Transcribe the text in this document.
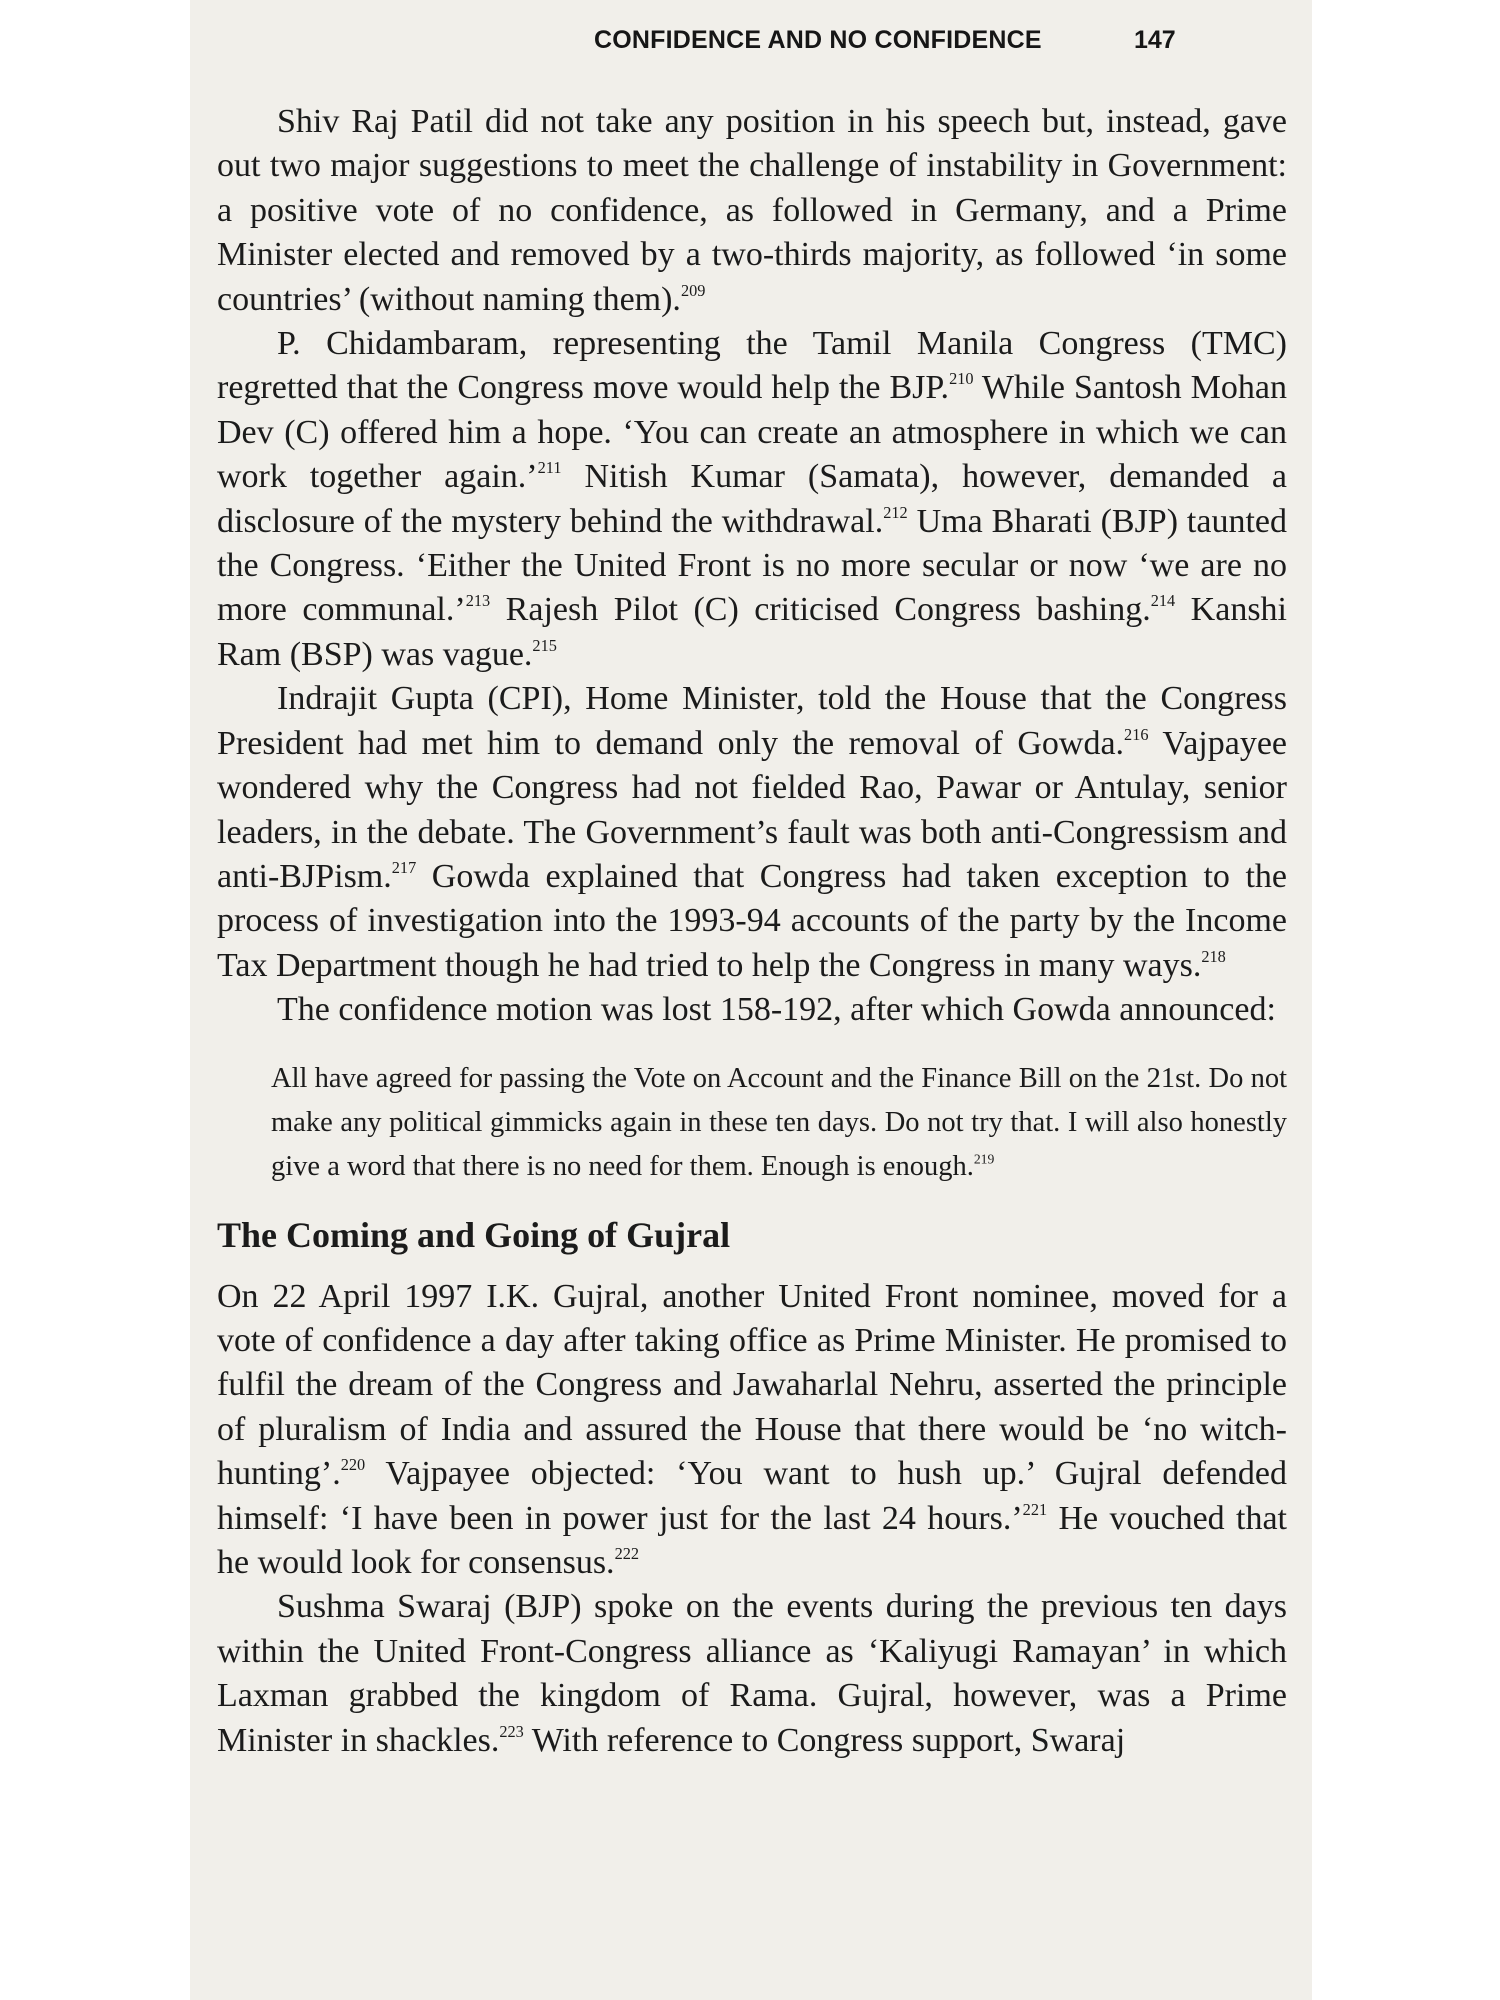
CONFIDENCE AND NO CONFIDENCE	147

Shiv Raj Patil did not take any position in his speech but, instead, gave out two major suggestions to meet the challenge of instability in Government: a positive vote of no confidence, as followed in Germany, and a Prime Minister elected and removed by a two-thirds majority, as followed ‘in some countries’ (without naming them).$^{209}$

P. Chidambaram, representing the Tamil Manila Congress (TMC) regretted that the Congress move would help the BJP.$^{210}$ While Santosh Mohan Dev (C) offered him a hope. ‘You can create an atmosphere in which we can work together again.’$^{211}$ Nitish Kumar (Samata), however, demanded a disclosure of the mystery behind the withdrawal.$^{212}$ Uma Bharati (BJP) taunted the Congress. ‘Either the United Front is no more secular or now ‘we are no more communal.’$^{213}$ Rajesh Pilot (C) criticised Congress bashing.$^{214}$ Kanshi Ram (BSP) was vague.$^{215}$

Indrajit Gupta (CPI), Home Minister, told the House that the Congress President had met him to demand only the removal of Gowda.$^{216}$ Vajpayee wondered why the Congress had not fielded Rao, Pawar or Antulay, senior leaders, in the debate. The Government’s fault was both anti-Congressism and anti-BJPism.$^{217}$ Gowda explained that Congress had taken exception to the process of investigation into the 1993-94 accounts of the party by the Income Tax Department though he had tried to help the Congress in many ways.$^{218}$

The confidence motion was lost 158-192, after which Gowda announced:

All have agreed for passing the Vote on Account and the Finance Bill on the 21st. Do not make any political gimmicks again in these ten days. Do not try that. I will also honestly give a word that there is no need for them. Enough is enough.$^{219}$
The Coming and Going of Gujral

On 22 April 1997 I.K. Gujral, another United Front nominee, moved for a vote of confidence a day after taking office as Prime Minister. He promised to fulfil the dream of the Congress and Jawaharlal Nehru, asserted the principle of pluralism of India and assured the House that there would be ‘no witch-hunting’.$^{220}$ Vajpayee objected: ‘You want to hush up.’ Gujral defended himself: ‘I have been in power just for the last 24 hours.’$^{221}$ He vouched that he would look for consensus.$^{222}$

Sushma Swaraj (BJP) spoke on the events during the previous ten days within the United Front-Congress alliance as ‘Kaliyugi Ramayan’ in which Laxman grabbed the kingdom of Rama. Gujral, however, was a Prime Minister in shackles.$^{223}$ With reference to Congress support, Swaraj
